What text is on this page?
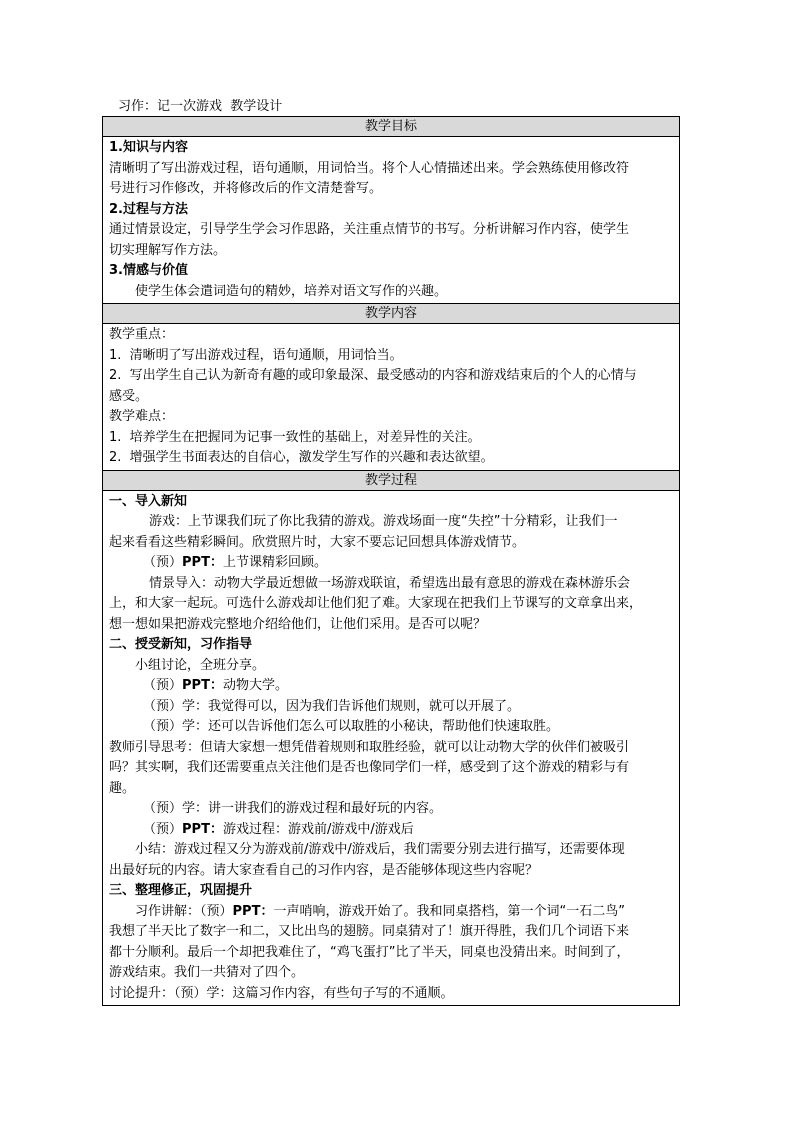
习作：记一次游戏  教学设计
教学目标

1.知识与内容

清晰明了写出游戏过程，语句通顺，用词恰当。将个人心情描述出来。学会熟练使用修改符

号进行习作修改，并将修改后的作文清楚誊写。

2.过程与方法

通过情景设定，引导学生学会习作思路，关注重点情节的书写。分析讲解习作内容，使学生

切实理解写作方法。

3.情感与价值

使学生体会遣词造句的精妙，培养对语文写作的兴趣。

教学内容

教学重点：

1.  清晰明了写出游戏过程，语句通顺，用词恰当。

2.  写出学生自己认为新奇有趣的或印象最深、最受感动的内容和游戏结束后的个人的心情与

感受。

教学难点：

1.  培养学生在把握同为记事一致性的基础上，对差异性的关注。

2.  增强学生书面表达的自信心，激发学生写作的兴趣和表达欲望。

教学过程

一、导入新知

游戏：上节课我们玩了你比我猜的游戏。游戏场面一度“失控”十分精彩，让我们一

起来看看这些精彩瞬间。欣赏照片时，大家不要忘记回想具体游戏情节。

（预）PPT：上节课精彩回顾。

情景导入：动物大学最近想做一场游戏联谊，希望选出最有意思的游戏在森林游乐会

上，和大家一起玩。可选什么游戏却让他们犯了难。大家现在把我们上节课写的文章拿出来，

想一想如果把游戏完整地介绍给他们，让他们采用。是否可以呢？

二、授受新知，习作指导

小组讨论，全班分享。

（预）PPT：动物大学。

（预）学：我觉得可以，因为我们告诉他们规则，就可以开展了。

（预）学：还可以告诉他们怎么可以取胜的小秘诀，帮助他们快速取胜。

教师引导思考：但请大家想一想凭借着规则和取胜经验，就可以让动物大学的伙伴们被吸引

吗？其实啊，我们还需要重点关注他们是否也像同学们一样，感受到了这个游戏的精彩与有

趣。

（预）学：讲一讲我们的游戏过程和最好玩的内容。

（预）PPT：游戏过程：游戏前/游戏中/游戏后

小结：游戏过程又分为游戏前/游戏中/游戏后，我们需要分别去进行描写，还需要体现

出最好玩的内容。请大家查看自己的习作内容，是否能够体现这些内容呢？

三、整理修正，巩固提升

习作讲解：（预）PPT：一声哨响，游戏开始了。我和同桌搭档，第一个词“一石二鸟”

我想了半天比了数字一和二，又比出鸟的翅膀。同桌猜对了！旗开得胜，我们几个词语下来

都十分顺利。最后一个却把我难住了，“鸡飞蛋打”比了半天，同桌也没猜出来。时间到了，

游戏结束。我们一共猜对了四个。

讨论提升：（预）学：这篇习作内容，有些句子写的不通顺。
